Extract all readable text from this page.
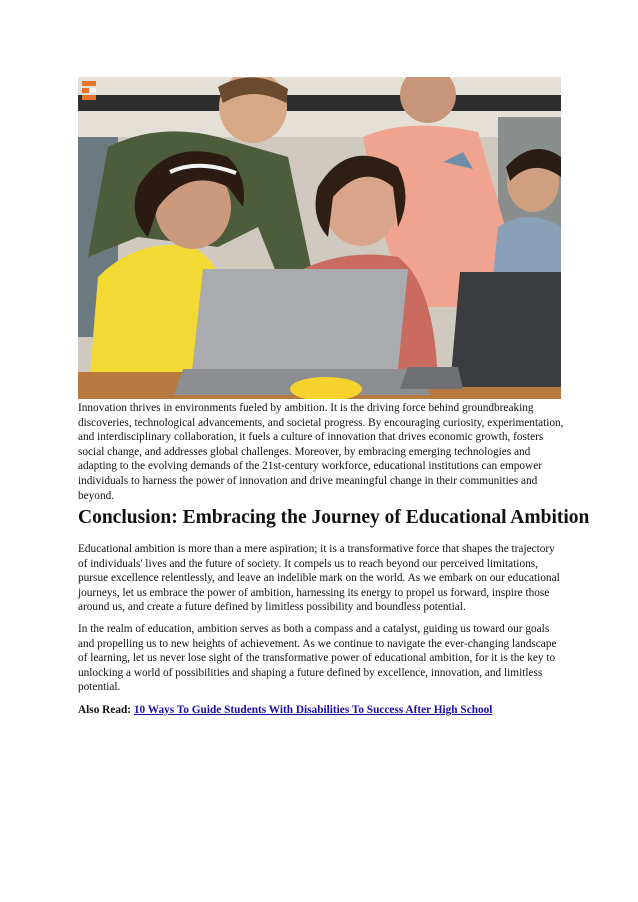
Innovation thrives in environments fueled by ambition. It is the driving force behind groundbreaking discoveries, technological advancements, and societal progress. By encouraging curiosity, experimentation, and interdisciplinary collaboration, it fuels a culture of innovation that drives economic growth, fosters social change, and addresses global challenges. Moreover, by embracing emerging technologies and adapting to the evolving demands of the 21st-century workforce, educational institutions can empower individuals to harness the power of innovation and drive meaningful change in their communities and beyond.

Conclusion: Embracing the Journey of Educational Ambition

Educational ambition is more than a mere aspiration; it is a transformative force that shapes the trajectory of individuals' lives and the future of society. It compels us to reach beyond our perceived limitations, pursue excellence relentlessly, and leave an indelible mark on the world. As we embark on our educational journeys, let us embrace the power of ambition, harnessing its energy to propel us forward, inspire those around us, and create a future defined by limitless possibility and boundless potential.

In the realm of education, ambition serves as both a compass and a catalyst, guiding us toward our goals and propelling us to new heights of achievement. As we continue to navigate the ever-changing landscape of learning, let us never lose sight of the transformative power of educational ambition, for it is the key to unlocking a world of possibilities and shaping a future defined by excellence, innovation, and limitless potential.

Also Read: 10 Ways To Guide Students With Disabilities To Success After High School
